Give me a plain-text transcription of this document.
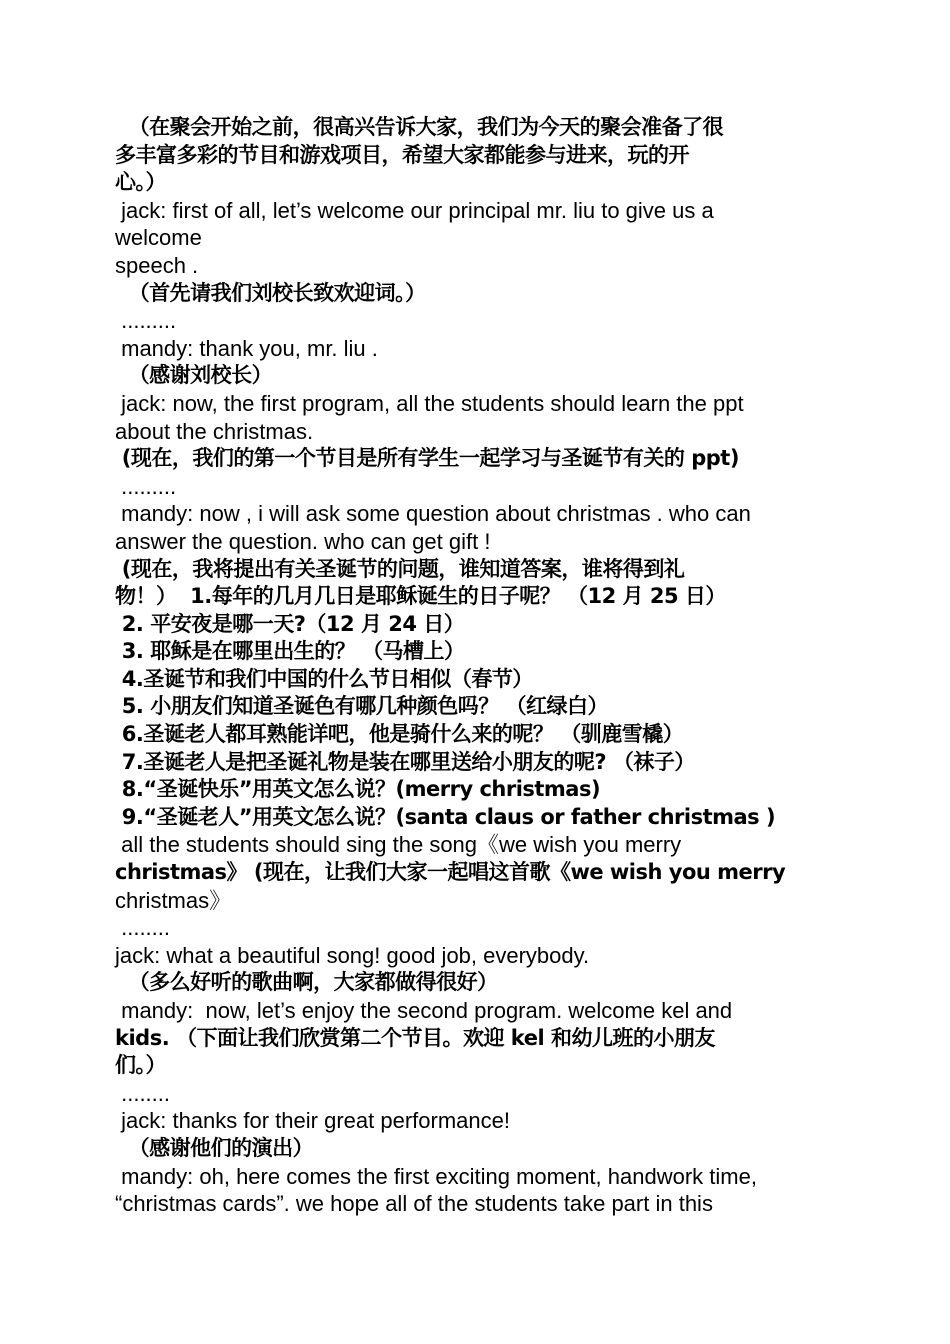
（在聚会开始之前，很高兴告诉大家，我们为今天的聚会准备了很

多丰富多彩的节目和游戏项目，希望大家都能参与进来，玩的开

心。）

jack: first of all, let’s welcome our principal mr. liu to give us a

welcome

speech .

（首先请我们刘校长致欢迎词。）

.........

mandy: thank you, mr. liu .

（感谢刘校长）

jack: now, the first program, all the students should learn the ppt

about the christmas.

(现在，我们的第一个节目是所有学生一起学习与圣诞节有关的 ppt)

.........

mandy: now , i will ask some question about christmas . who can

answer the question. who can get gift !

(现在，我将提出有关圣诞节的问题，谁知道答案，谁将得到礼

物！）  1.每年的几月几日是耶稣诞生的日子呢？ （12 月 25 日）

2. 平安夜是哪一天?（12 月 24 日）

3. 耶稣是在哪里出生的？ （马槽上）

4.圣诞节和我们中国的什么节日相似（春节）

5. 小朋友们知道圣诞色有哪几种颜色吗？ （红绿白）

6.圣诞老人都耳熟能详吧，他是骑什么来的呢？ （驯鹿雪橇）

7.圣诞老人是把圣诞礼物是装在哪里送给小朋友的呢? （袜子）

8.“圣诞快乐”用英文怎么说？(merry christmas)

9.“圣诞老人”用英文怎么说？(santa claus or father christmas )

all the students should sing the song《we wish you merry

christmas》 (现在，让我们大家一起唱这首歌《we wish you merry

christmas》

........

jack: what a beautiful song! good job, everybody.

（多么好听的歌曲啊，大家都做得很好）

mandy:  now, let’s enjoy the second program. welcome kel and

kids. （下面让我们欣赏第二个节目。欢迎 kel 和幼儿班的小朋友

们。）

........

jack: thanks for their great performance!

（感谢他们的演出）

mandy: oh, here comes the first exciting moment, handwork time,

“christmas cards”. we hope all of the students take part in this
